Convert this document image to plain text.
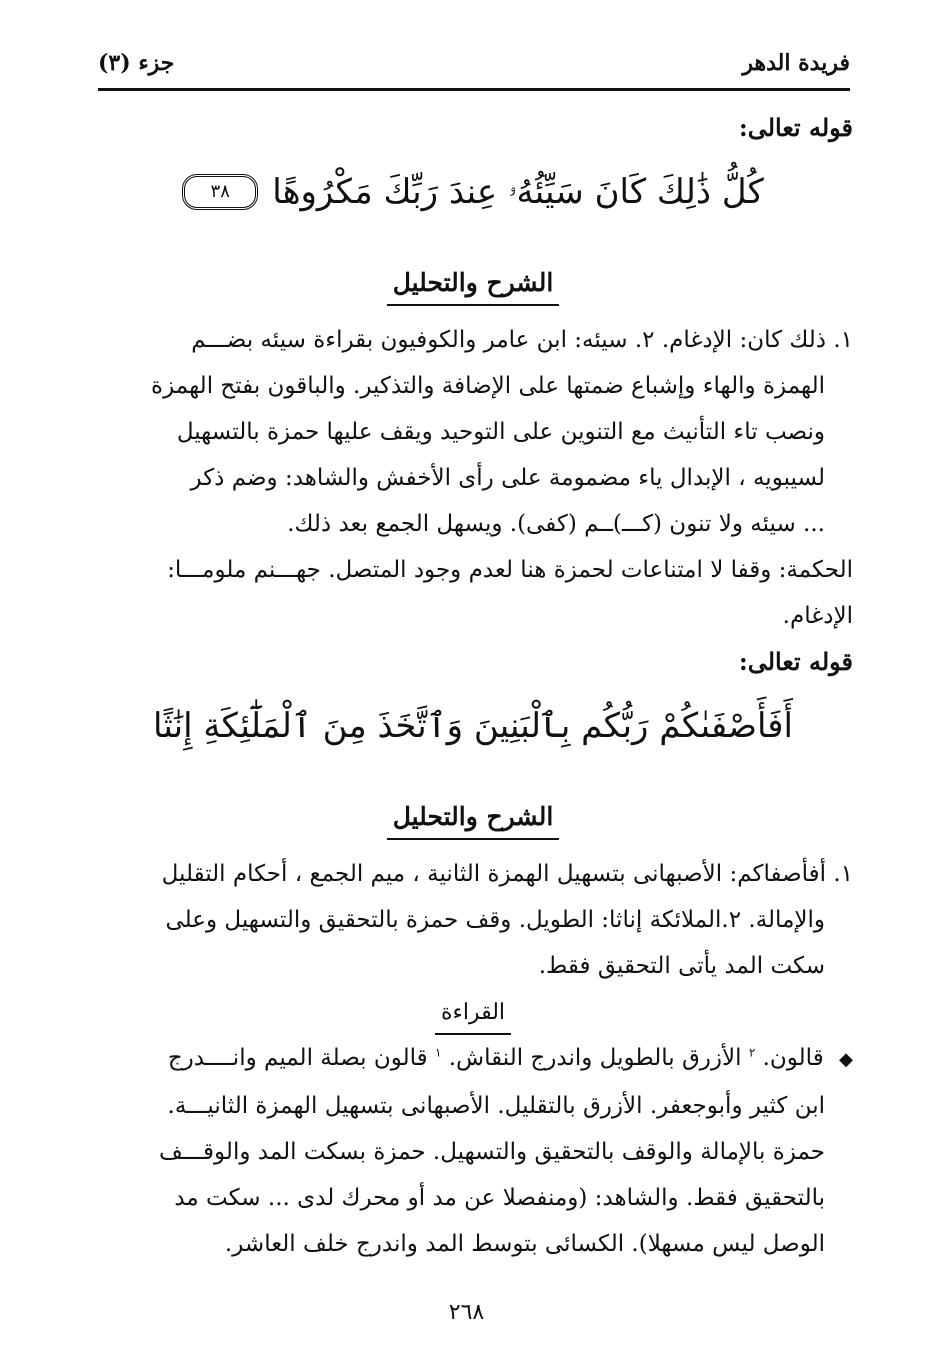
فريدة الدهر
جزء (٣)

قوله تعالى:

كُلُّ ذَٰلِكَ كَانَ سَيِّئُهُۥ عِندَ رَبِّكَ مَكْرُوهًا
٣٨
الشرح والتحليل

١. ذلك كان: الإدغام. ٢. سيئه: ابن عامر والكوفيون بقراءة سيئه بضـــم

الهمزة والهاء وإشباع ضمتها على الإضافة والتذكير. والباقون بفتح الهمزة

ونصب تاء التأنيث مع التنوين على التوحيد ويقف عليها حمزة بالتسهيل

لسيبويه ، الإبدال ياء مضمومة على رأى الأخفش والشاهد: وضم ذكر

... سيئه ولا تنون (كـــ)ــم (كفى). ويسهل الجمع بعد ذلك.

الحكمة: وقفا لا امتناعات لحمزة هنا لعدم وجود المتصل. جهـــنم ملومـــا:

الإدغام.

قوله تعالى:

أَفَأَصْفَىٰكُمْ رَبُّكُم بِٱلْبَنِينَ وَٱتَّخَذَ مِنَ ٱلْمَلَٰٓئِكَةِ إِنَٰثًا
الشرح والتحليل

١. أفأصفاكم: الأصبهانى بتسهيل الهمزة الثانية ، ميم الجمع ، أحكام التقليل

والإمالة. ٢.الملائكة إناثا: الطويل. وقف حمزة بالتحقيق والتسهيل وعلى

سكت المد يأتى التحقيق فقط.

القراءة

◆ قالون. $^٢$ الأزرق بالطويل واندرج النقاش. $^١$ قالون بصلة الميم وانــــدرج

ابن كثير وأبوجعفر. الأزرق بالتقليل. الأصبهانى بتسهيل الهمزة الثانيـــة.

حمزة بالإمالة والوقف بالتحقيق والتسهيل. حمزة بسكت المد والوقـــف

بالتحقيق فقط. والشاهد: (ومنفصلا عن مد أو محرك لدى ... سكت مد

الوصل ليس مسهلا). الكسائى بتوسط المد واندرج خلف العاشر.

٢٦٨
